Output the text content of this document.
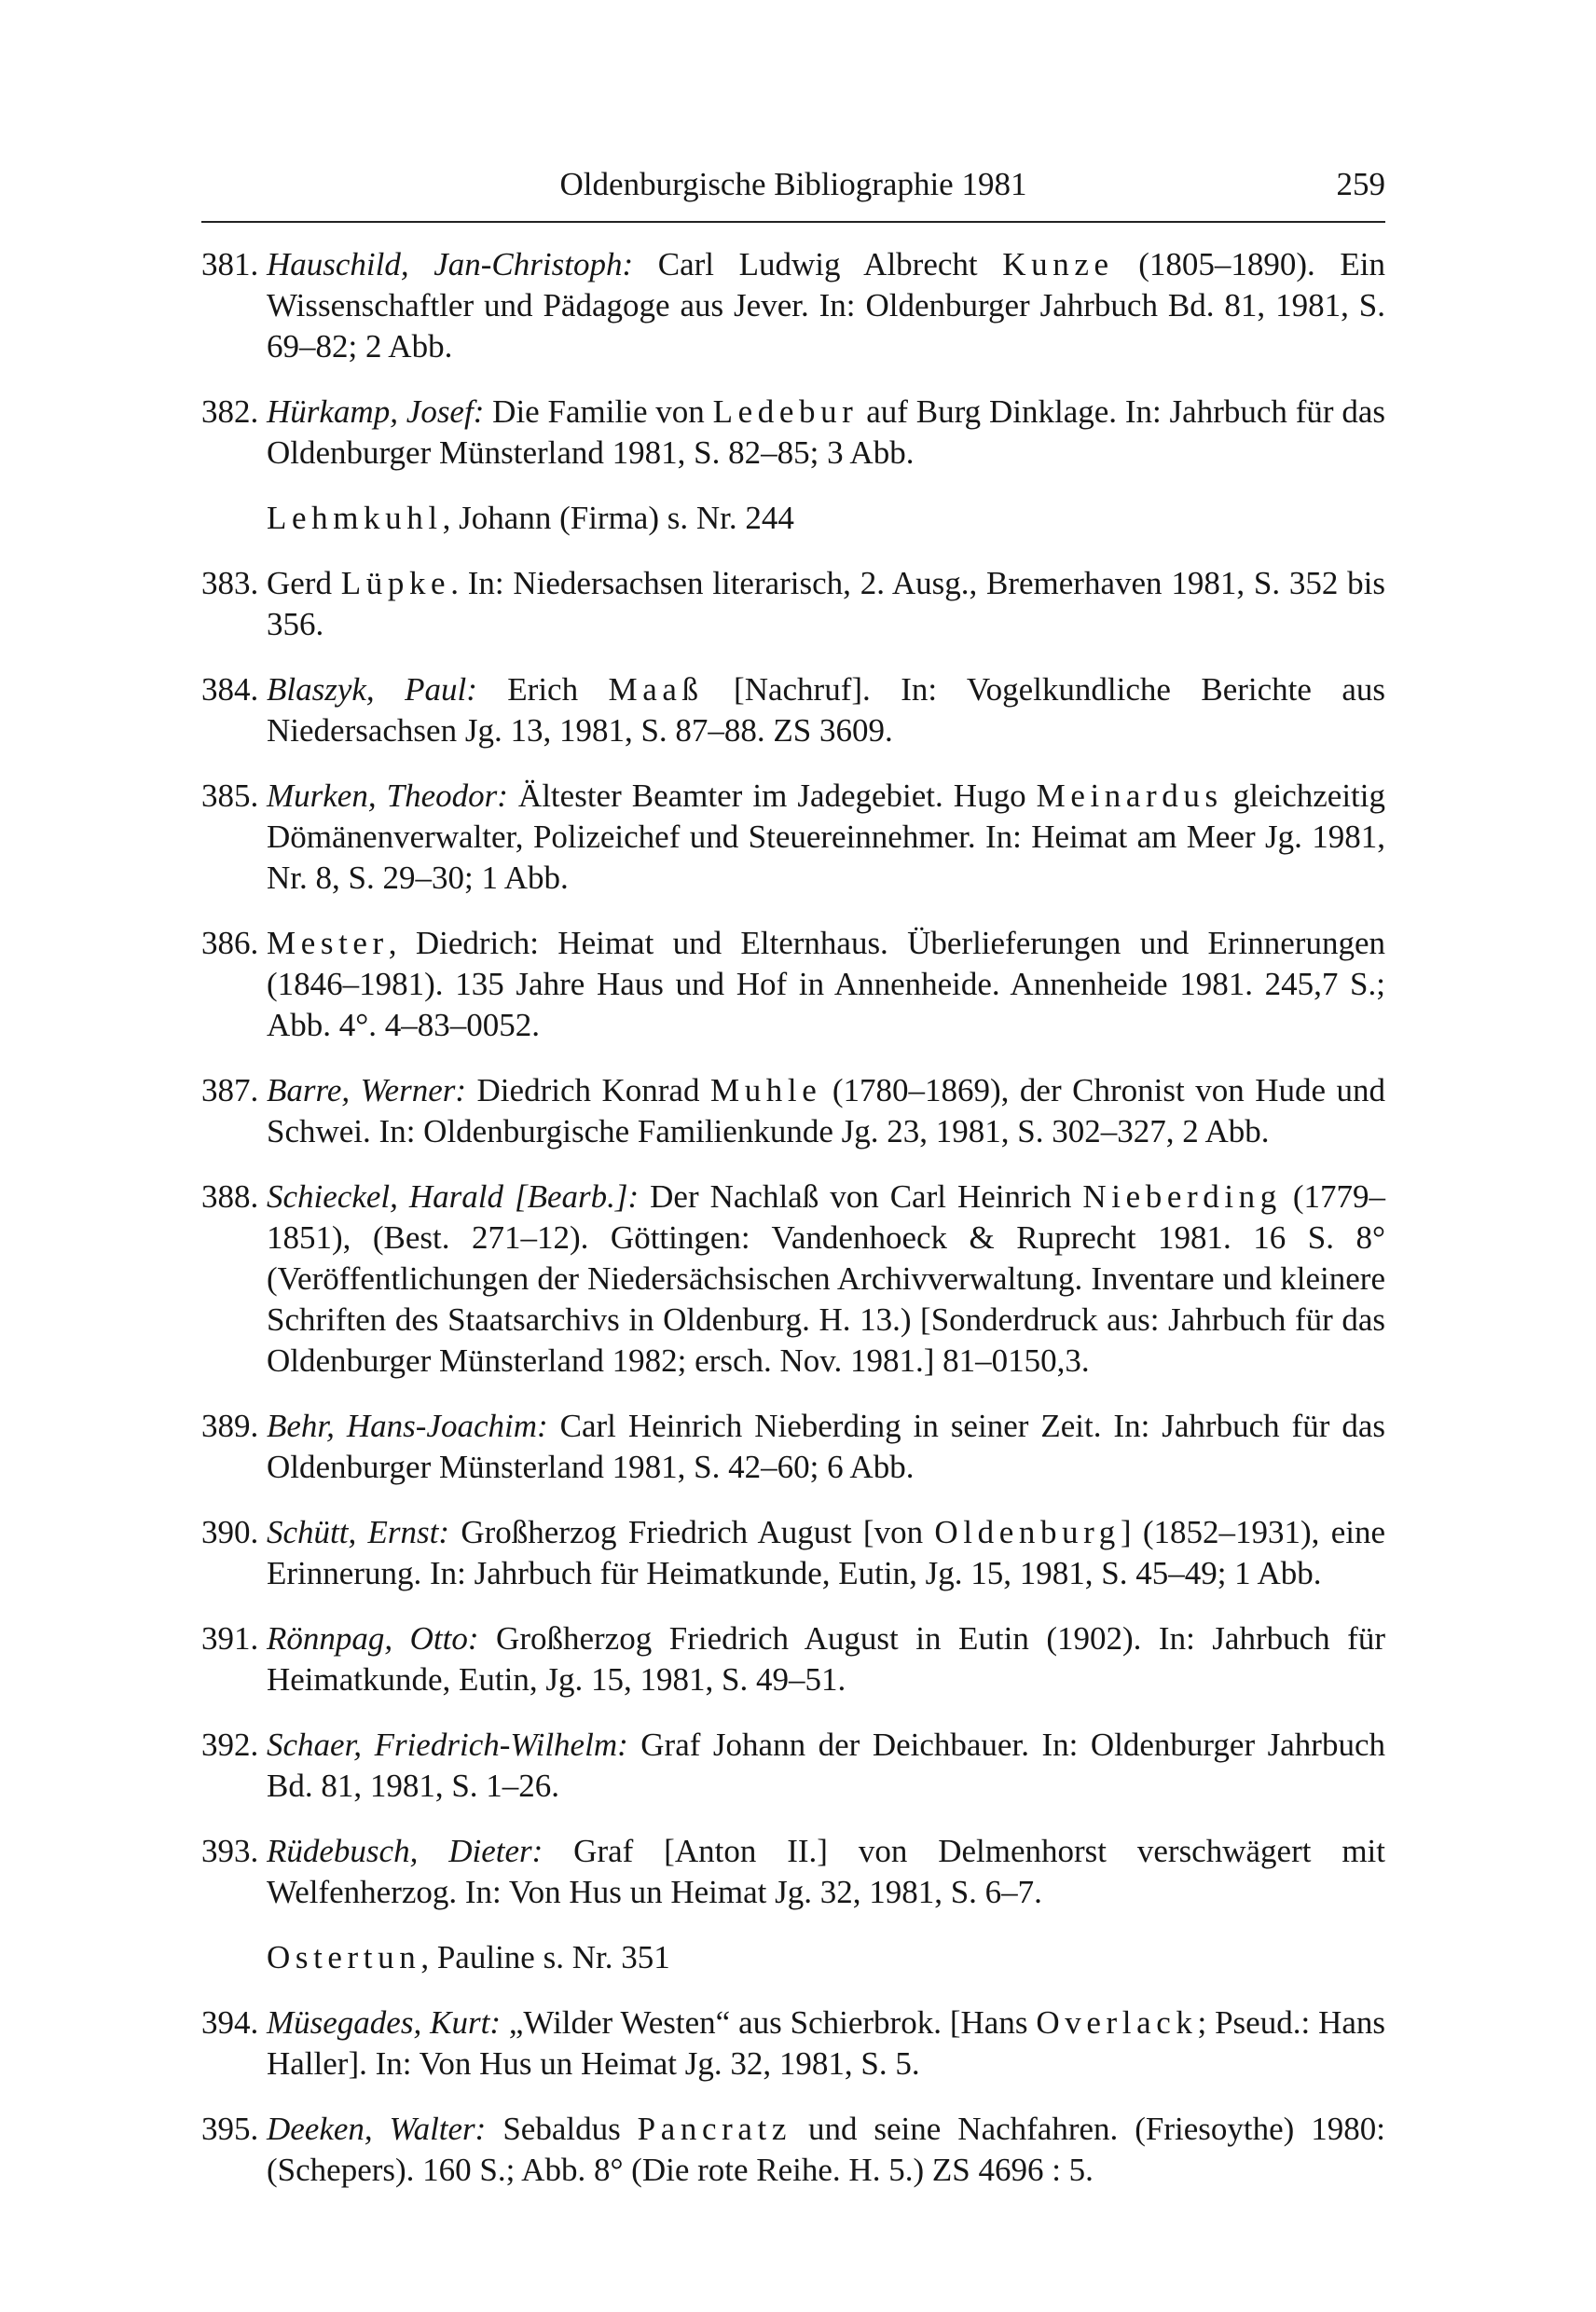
Oldenburgische Bibliographie 1981	259
381. Hauschild, Jan-Christoph: Carl Ludwig Albrecht Kunze (1805–1890). Ein Wissenschaftler und Pädagoge aus Jever. In: Oldenburger Jahrbuch Bd. 81, 1981, S. 69–82; 2 Abb.
382. Hürkamp, Josef: Die Familie von Ledebur auf Burg Dinklage. In: Jahrbuch für das Oldenburger Münsterland 1981, S. 82–85; 3 Abb.
Lehmkuhl, Johann (Firma) s. Nr. 244
383. Gerd Lüpke. In: Niedersachsen literarisch, 2. Ausg., Bremerhaven 1981, S. 352 bis 356.
384. Blaszyk, Paul: Erich Maaß [Nachruf]. In: Vogelkundliche Berichte aus Niedersachsen Jg. 13, 1981, S. 87–88. ZS 3609.
385. Murken, Theodor: Ältester Beamter im Jadegebiet. Hugo Meinardus gleichzeitig Dömänenverwalter, Polizeichef und Steuereinnehmer. In: Heimat am Meer Jg. 1981, Nr. 8, S. 29–30; 1 Abb.
386. Mester, Diedrich: Heimat und Elternhaus. Überlieferungen und Erinnerungen (1846–1981). 135 Jahre Haus und Hof in Annenheide. Annenheide 1981. 245,7 S.; Abb. 4°. 4–83–0052.
387. Barre, Werner: Diedrich Konrad Muhle (1780–1869), der Chronist von Hude und Schwei. In: Oldenburgische Familienkunde Jg. 23, 1981, S. 302–327, 2 Abb.
388. Schieckel, Harald [Bearb.]: Der Nachlaß von Carl Heinrich Nieberding (1779–1851), (Best. 271–12). Göttingen: Vandenhoeck & Ruprecht 1981. 16 S. 8° (Veröffentlichungen der Niedersächsischen Archivverwaltung. Inventare und kleinere Schriften des Staatsarchivs in Oldenburg. H. 13.) [Sonderdruck aus: Jahrbuch für das Oldenburger Münsterland 1982; ersch. Nov. 1981.] 81–0150,3.
389. Behr, Hans-Joachim: Carl Heinrich Nieberding in seiner Zeit. In: Jahrbuch für das Oldenburger Münsterland 1981, S. 42–60; 6 Abb.
390. Schütt, Ernst: Großherzog Friedrich August [von Oldenburg] (1852–1931), eine Erinnerung. In: Jahrbuch für Heimatkunde, Eutin, Jg. 15, 1981, S. 45–49; 1 Abb.
391. Rönnpag, Otto: Großherzog Friedrich August in Eutin (1902). In: Jahrbuch für Heimatkunde, Eutin, Jg. 15, 1981, S. 49–51.
392. Schaer, Friedrich-Wilhelm: Graf Johann der Deichbauer. In: Oldenburger Jahrbuch Bd. 81, 1981, S. 1–26.
393. Rüdebusch, Dieter: Graf [Anton II.] von Delmenhorst verschwägert mit Welfenherzog. In: Von Hus un Heimat Jg. 32, 1981, S. 6–7.
Ostertun, Pauline s. Nr. 351
394. Müsegades, Kurt: „Wilder Westen“ aus Schierbrok. [Hans Overlack; Pseud.: Hans Haller]. In: Von Hus un Heimat Jg. 32, 1981, S. 5.
395. Deeken, Walter: Sebaldus Pancratz und seine Nachfahren. (Friesoythe) 1980: (Schepers). 160 S.; Abb. 8° (Die rote Reihe. H. 5.) ZS 4696 : 5.
